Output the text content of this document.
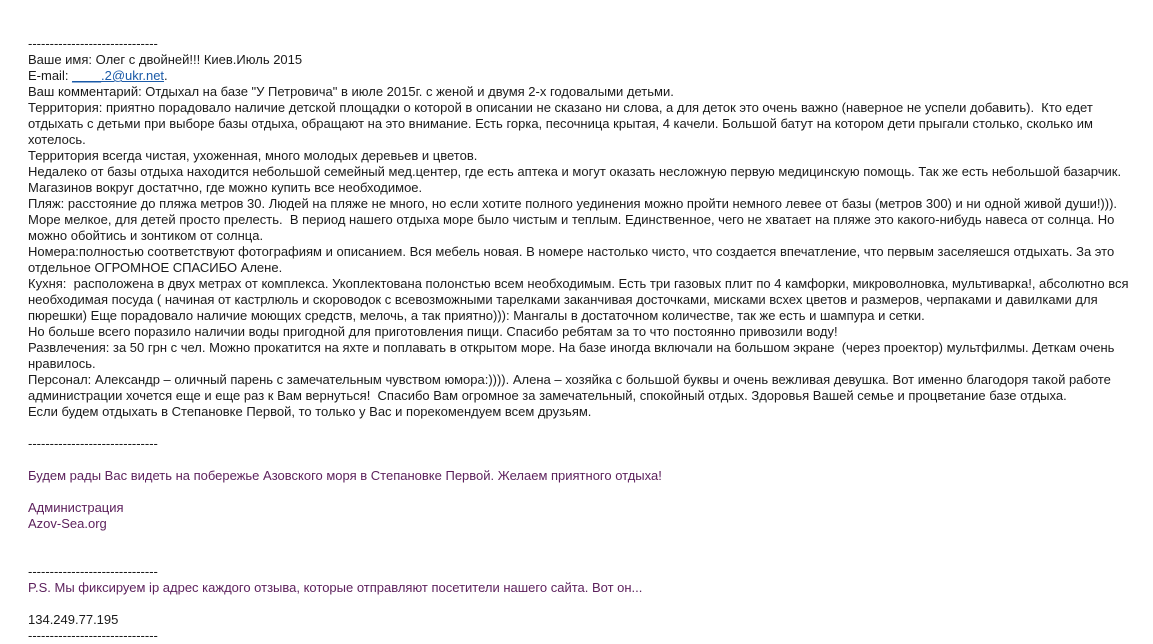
------------------------------
Ваше имя: Олег с двойней!!! Киев.Июль 2015
E-mail: ____.2@ukr.net.
Ваш комментарий: Отдыхал на базе "У Петровича" в июле 2015г. с женой и двумя 2-х годовалыми детьми.
Территория: приятно порадовало наличие детской площадки о которой в описании не сказано ни слова, а для деток это очень важно (наверное не успели добавить).  Кто едет отдыхать с детьми при выборе базы отдыха, обращают на это внимание. Есть горка, песочница крытая, 4 качели. Большой батут на котором дети прыгали столько, сколько им хотелось.
Территория всегда чистая, ухоженная, много молодых деревьев и цветов.
Недалеко от базы отдыха находится небольшой семейный мед.центер, где есть аптека и могут оказать несложную первую медицинскую помощь. Так же есть небольшой базарчик.
Магазинов вокруг достатчно, где можно купить все необходимое.
Пляж: расстояние до пляжа метров 30. Людей на пляже не много, но если хотите полного уединения можно пройти немного левее от базы (метров 300) и ни одной живой души!))).
Море мелкое, для детей просто прелесть.  В период нашего отдыха море было чистым и теплым. Единственное, чего не хватает на пляже это какого-нибудь навеса от солнца. Но можно обойтись и зонтиком от солнца.
Номера:полностью соответствуют фотографиям и описанием. Вся мебель новая. В номере настолько чисто, что создается впечатление, что первым заселяешся отдыхать. За это отдельное ОГРОМНОЕ СПАСИБО Алене.
Кухня:  расположена в двух метрах от комплекса. Укоплектована полонстью всем необходимым. Есть три газовых плит по 4 камфорки, микроволновка, мультиварка!, абсолютно вся необходимая посуда ( начиная от кастрлюль и скороводок с всевозможными тарелками заканчивая досточками, мисками всхех цветов и размеров, черпаками и давилками для пюрешки) Еще порадовало наличие моющих средств, мелочь, а так приятно))): Мангалы в достаточном количестве, так же есть и шампура и сетки.
Но больше всего поразило наличии воды пригодной для приготовления пищи. Спасибо ребятам за то что постоянно привозили воду!
Развлечения: за 50 грн с чел. Можно прокатится на яхте и поплавать в открытом море. На базе иногда включали на большом экране  (через проектор) мультфилмы. Деткам очень нравилось.
Персонал: Александр – оличный парень с замечательным чувством юмора:)))). Алена – хозяйка с большой буквы и очень вежливая девушка. Вот именно благодоря такой работе администрации хочется еще и еще раз к Вам вернуться!  Спасибо Вам огромное за замечательный, спокойный отдых. Здоровья Вашей семье и процветание базе отдыха.
Если будем отдыхать в Степановке Первой, то только у Вас и порекомендуем всем друзьям.
------------------------------
Будем рады Вас видеть на побережье Азовского моря в Степановке Первой. Желаем приятного отдыха!
Администрация
Azov-Sea.org
------------------------------
P.S. Мы фиксируем ip адрес каждого отзыва, которые отправляют посетители нашего сайта. Вот он...
134.249.77.195
------------------------------
